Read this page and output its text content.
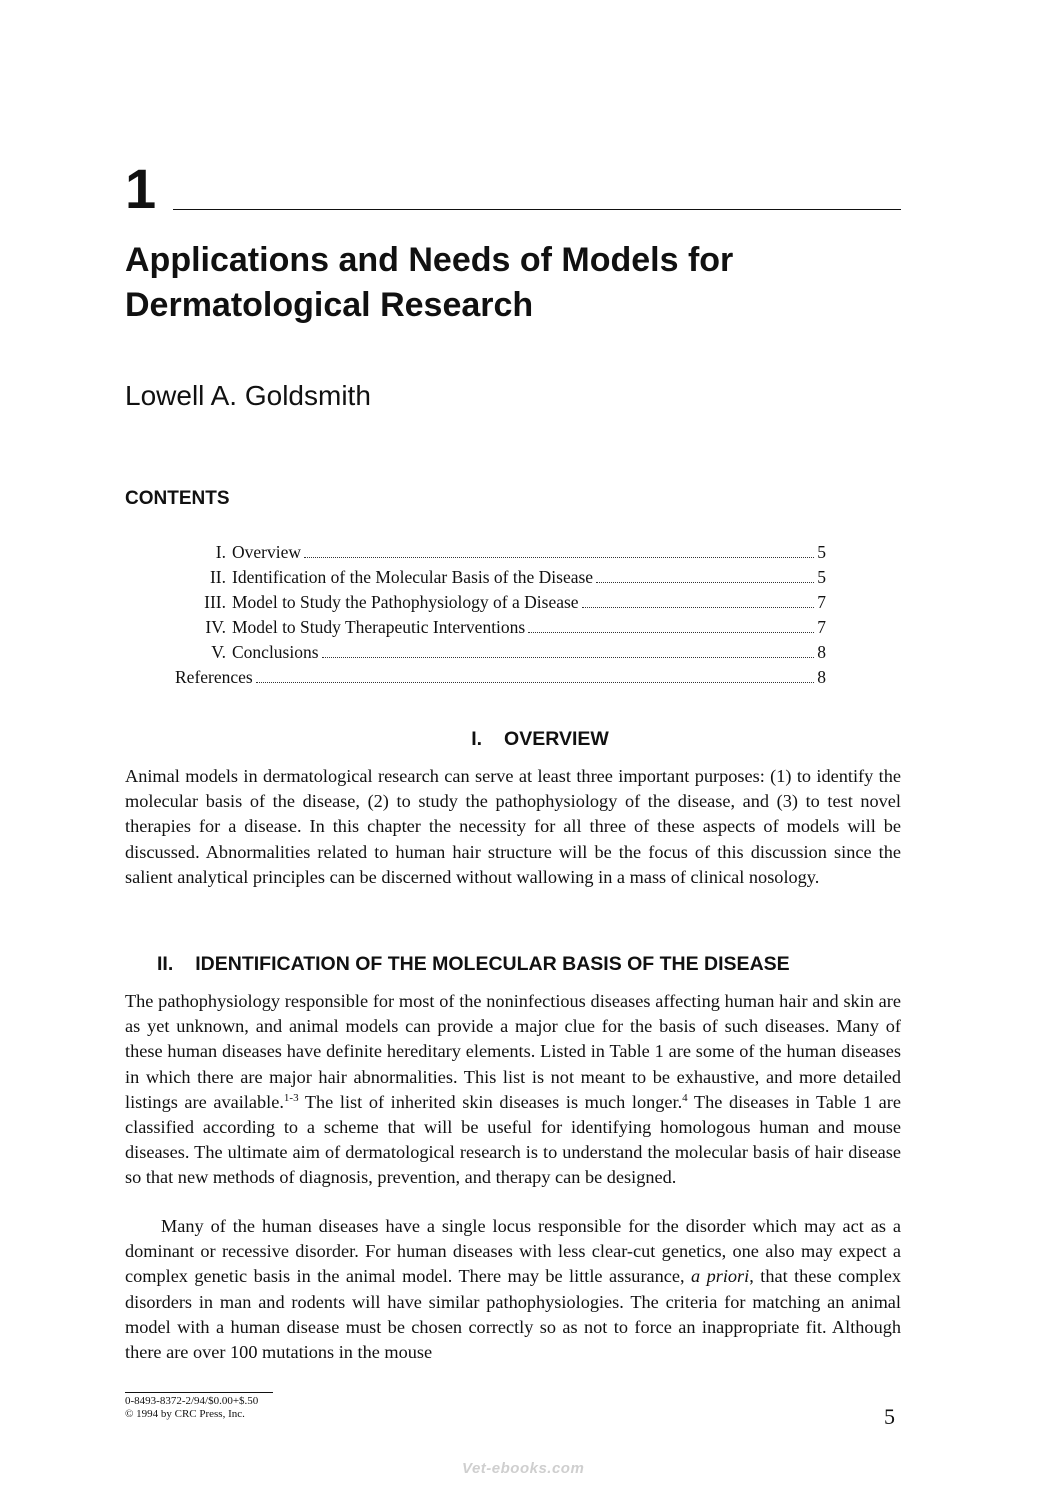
1
Applications and Needs of Models for Dermatological Research
Lowell A. Goldsmith
CONTENTS
I. Overview	5
II. Identification of the Molecular Basis of the Disease	5
III. Model to Study the Pathophysiology of a Disease	7
IV. Model to Study Therapeutic Interventions	7
V. Conclusions	8
References	8
I. OVERVIEW

Animal models in dermatological research can serve at least three important purposes: (1) to identify the molecular basis of the disease, (2) to study the pathophysiology of the disease, and (3) to test novel therapies for a disease. In this chapter the necessity for all three of these aspects of models will be discussed. Abnormalities related to human hair structure will be the focus of this discussion since the salient analytical principles can be discerned without wallowing in a mass of clinical nosology.

II. IDENTIFICATION OF THE MOLECULAR BASIS OF THE DISEASE

The pathophysiology responsible for most of the noninfectious diseases affecting human hair and skin are as yet unknown, and animal models can provide a major clue for the basis of such diseases. Many of these human diseases have definite hereditary elements. Listed in Table 1 are some of the human diseases in which there are major hair abnormalities. This list is not meant to be exhaustive, and more detailed listings are available.$^{1-3}$ The list of inherited skin diseases is much longer.$^4$ The diseases in Table 1 are classified according to a scheme that will be useful for identifying homologous human and mouse diseases. The ultimate aim of dermatological research is to understand the molecular basis of hair disease so that new methods of diagnosis, prevention, and therapy can be designed.

Many of the human diseases have a single locus responsible for the disorder which may act as a dominant or recessive disorder. For human diseases with less clear-cut genetics, one also may expect a complex genetic basis in the animal model. There may be little assurance, a priori, that these complex disorders in man and rodents will have similar pathophysiologies. The criteria for matching an animal model with a human disease must be chosen correctly so as not to force an inappropriate fit. Although there are over 100 mutations in the mouse

0-8493-8372-2/94/$0.00+$.50
© 1994 by CRC Press, Inc.	5
Vet-ebooks.com
